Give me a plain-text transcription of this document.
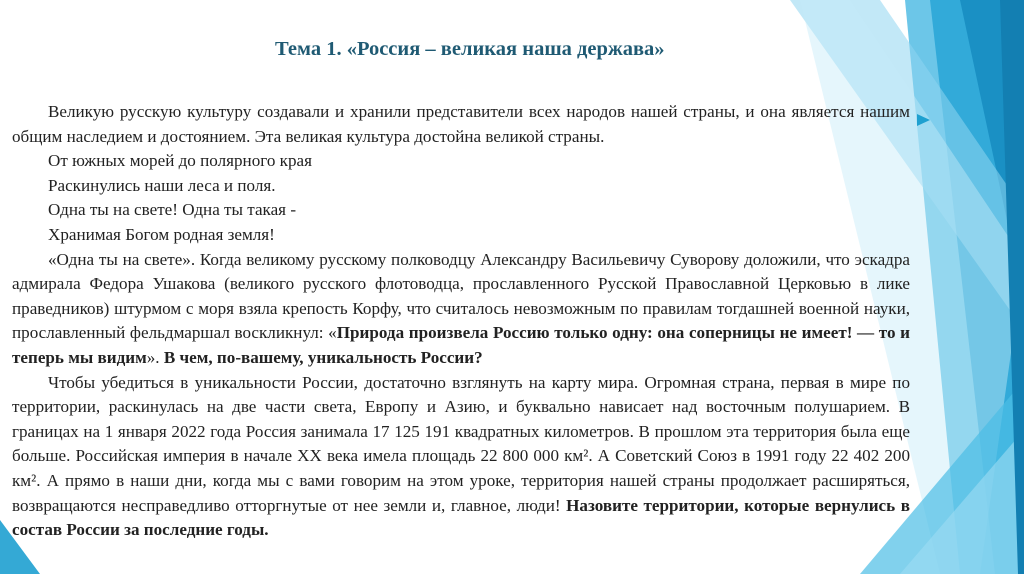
Тема 1. «Россия – великая наша держава»

Великую русскую культуру создавали и хранили представители всех народов нашей страны, и она является нашим общим наследием и достоянием. Эта великая культура достойна великой страны.

От южных морей до полярного края

Раскинулись наши леса и поля.

Одна ты на свете! Одна ты такая -

Хранимая Богом родная земля!

«Одна ты на свете». Когда великому русскому полководцу Александру Васильевичу Суворову доложили, что эскадра адмирала Федора Ушакова (великого русского флотоводца, прославленного Русской Православной Церковью в лике праведников) штурмом с моря взяла крепость Корфу, что считалось невозможным по правилам тогдашней военной науки, прославленный фельдмаршал воскликнул: «Природа произвела Россию только одну: она соперницы не имеет! — то и теперь мы видим». В чем, по-вашему, уникальность России?

Чтобы убедиться в уникальности России, достаточно взглянуть на карту мира. Огромная страна, первая в мире по территории, раскинулась на две части света, Европу и Азию, и буквально нависает над восточным полушарием. В границах на 1 января 2022 года Россия занимала 17 125 191 квадратных километров. В прошлом эта территория была еще больше. Российская империя в начале XX века имела площадь 22 800 000 км². А Советский Союз в 1991 году 22 402 200 км². А прямо в наши дни, когда мы с вами говорим на этом уроке, территория нашей страны продолжает расширяться, возвращаются несправедливо отторгнутые от нее земли и, главное, люди! Назовите территории, которые вернулись в состав России за последние годы.
